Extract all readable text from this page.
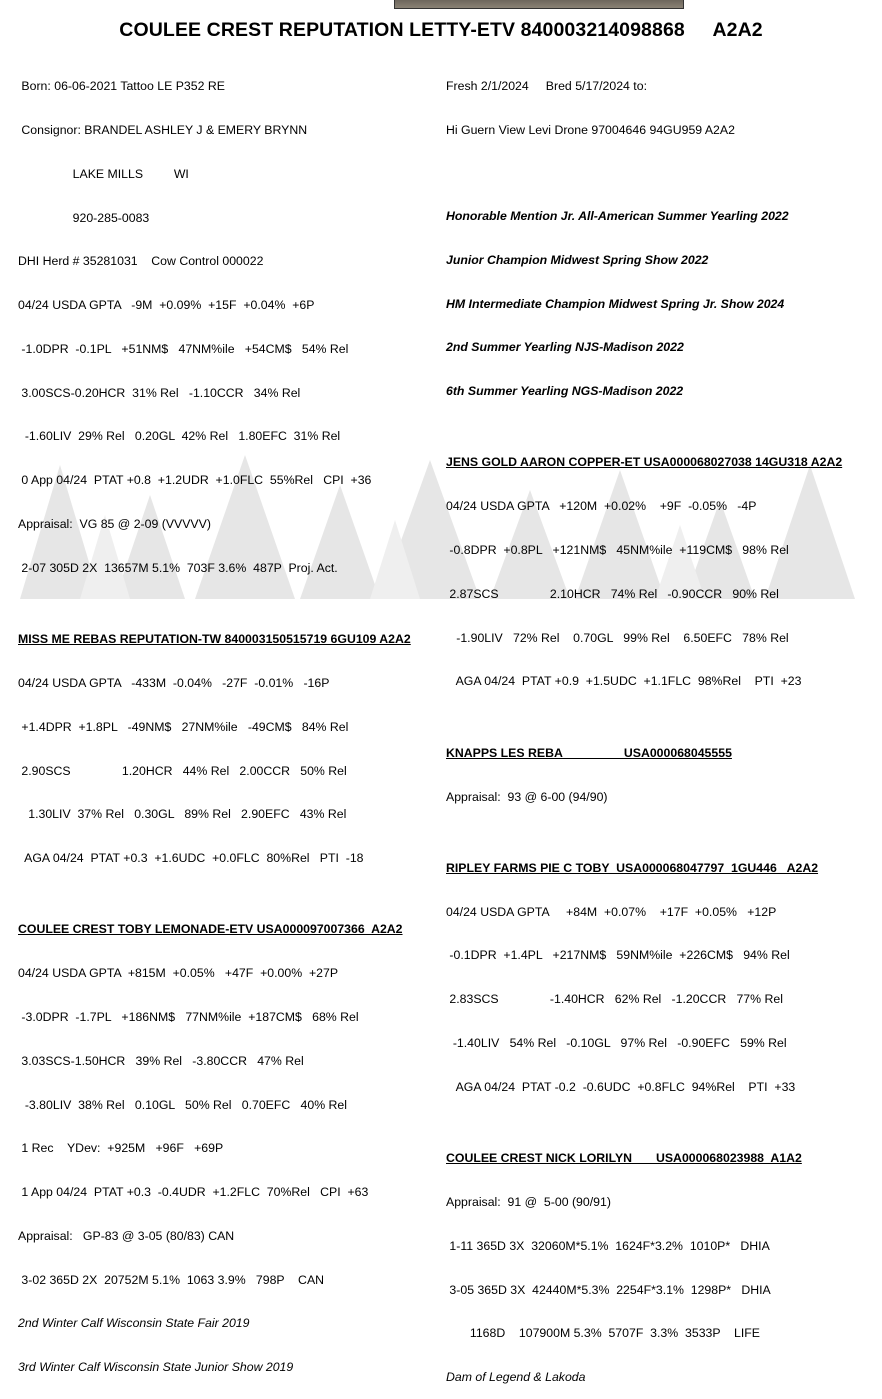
COULEE CREST REPUTATION LETTY-ETV 840003214098868 A2A2

Born: 06-06-2021 Tattoo LE P352 RE

Consignor: BRANDEL ASHLEY J & EMERY BRYNN

LAKE MILLS         WI

920-285-0083

DHI Herd # 35281031    Cow Control 000022

04/24 USDA GPTA   -9M  +0.09%  +15F  +0.04%  +6P

-1.0DPR  -0.1PL   +51NM$   47NM%ile   +54CM$   54% Rel

3.00SCS-0.20HCR  31% Rel   -1.10CCR   34% Rel

-1.60LIV  29% Rel   0.20GL  42% Rel   1.80EFC  31% Rel

0 App 04/24  PTAT +0.8  +1.2UDR  +1.0FLC  55%Rel   CPI  +36

Appraisal:  VG 85 @ 2-09 (VVVVV)

2-07 305D 2X  13657M 5.1%  703F 3.6%  487P  Proj. Act.

MISS ME REBAS REPUTATION-TW 840003150515719 6GU109 A2A2

04/24 USDA GPTA   -433M  -0.04%   -27F  -0.01%   -16P

+1.4DPR  +1.8PL   -49NM$   27NM%ile   -49CM$   84% Rel

2.90SCS               1.20HCR   44% Rel   2.00CCR   50% Rel

1.30LIV  37% Rel   0.30GL   89% Rel   2.90EFC   43% Rel

AGA 04/24  PTAT +0.3  +1.6UDC  +0.0FLC  80%Rel   PTI  -18

COULEE CREST TOBY LEMONADE-ETV USA000097007366  A2A2

04/24 USDA GPTA  +815M  +0.05%   +47F  +0.00%  +27P

-3.0DPR  -1.7PL   +186NM$   77NM%ile  +187CM$   68% Rel

3.03SCS-1.50HCR   39% Rel   -3.80CCR   47% Rel

-3.80LIV  38% Rel   0.10GL   50% Rel   0.70EFC   40% Rel

1 Rec    YDev:  +925M   +96F   +69P

1 App 04/24  PTAT +0.3  -0.4UDR  +1.2FLC  70%Rel   CPI  +63

Appraisal:   GP-83 @ 3-05 (80/83) CAN

3-02 365D 2X  20752M 5.1%  1063 3.9%   798P    CAN

2nd Winter Calf Wisconsin State Fair 2019

3rd Winter Calf Wisconsin State Junior Show 2019

Fresh 2/1/2024     Bred 5/17/2024 to:

Hi Guern View Levi Drone 97004646 94GU959 A2A2

Honorable Mention Jr. All-American Summer Yearling 2022

Junior Champion Midwest Spring Show 2022

HM Intermediate Champion Midwest Spring Jr. Show 2024

2nd Summer Yearling NJS-Madison 2022

6th Summer Yearling NGS-Madison 2022

JENS GOLD AARON COPPER-ET USA000068027038 14GU318 A2A2

04/24 USDA GPTA   +120M  +0.02%    +9F  -0.05%   -4P

-0.8DPR  +0.8PL   +121NM$   45NM%ile  +119CM$   98% Rel

2.87SCS               2.10HCR   74% Rel   -0.90CCR   90% Rel

-1.90LIV   72% Rel    0.70GL   99% Rel    6.50EFC   78% Rel

AGA 04/24  PTAT +0.9  +1.5UDC  +1.1FLC  98%Rel    PTI  +23

KNAPPS LES REBA                  USA000068045555

Appraisal:  93 @ 6-00 (94/90)

RIPLEY FARMS PIE C TOBY  USA000068047797  1GU446   A2A2

04/24 USDA GPTA     +84M  +0.07%    +17F  +0.05%   +12P

-0.1DPR  +1.4PL   +217NM$   59NM%ile  +226CM$   94% Rel

2.83SCS               -1.40HCR   62% Rel   -1.20CCR   77% Rel

-1.40LIV   54% Rel   -0.10GL   97% Rel   -0.90EFC   59% Rel

AGA 04/24  PTAT -0.2  -0.6UDC  +0.8FLC  94%Rel    PTI  +33

COULEE CREST NICK LORILYN       USA000068023988  A1A2

Appraisal:  91 @  5-00 (90/91)

1-11 365D 3X  32060M*5.1%  1624F*3.2%  1010P*   DHIA

3-05 365D 3X  42440M*5.3%  2254F*3.1%  1298P*   DHIA

1168D    107900M 5.3%  5707F  3.3%  3533P    LIFE

Dam of Legend & Lakoda
